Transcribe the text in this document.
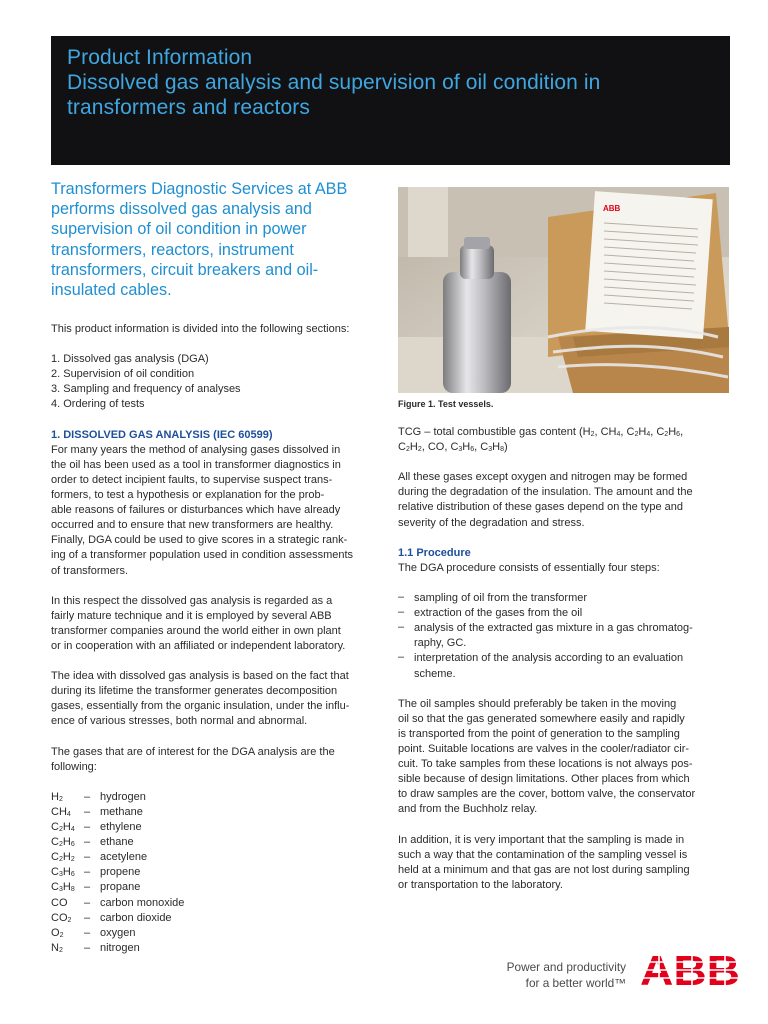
Product Information
Dissolved gas analysis and supervision of oil condition in
transformers and reactors
Transformers Diagnostic Services at ABB
performs dissolved gas analysis and
supervision of oil condition in power
transformers, reactors, instrument
transformers, circuit breakers and oil-
insulated cables.
This product information is divided into the following sections:
1. Dissolved gas analysis (DGA)
2. Supervision of oil condition
3. Sampling and frequency of analyses
4. Ordering of tests
1. DISSOLVED GAS ANALYSIS (IEC 60599)
For many years the method of analysing gases dissolved in
the oil has been used as a tool in transformer diagnostics in
order to detect incipient faults, to supervise suspect trans-
formers, to test a hypothesis or explanation for the prob-
able reasons of failures or disturbances which have already
occurred and to ensure that new transformers are healthy.
Finally, DGA could be used to give scores in a strategic rank-
ing of a transformer population used in condition assessments
of transformers.
In this respect the dissolved gas analysis is regarded as a
fairly mature technique and it is employed by several ABB
transformer companies around the world either in own plant
or in cooperation with an affiliated or independent laboratory.
The idea with dissolved gas analysis is based on the fact that
during its lifetime the transformer generates decomposition
gases, essentially from the organic insulation, under the influ-
ence of various stresses, both normal and abnormal.
The gases that are of interest for the DGA analysis are the
following:
$H_2$	– hydrogen
$CH_4$	– methane
$C_2H_4$ – ethylene
$C_2H_6$ – ethane
$C_2H_2$ – acetylene
$C_3H_6$ – propene
$C_3H_8$ – propane
CO	– carbon monoxide
$CO_2$	– carbon dioxide
$O_2$	– oxygen
$N_2$	– nitrogen
ABB
Figure 1. Test vessels.
TCG – total combustible gas content ($H_2$, $CH_4$, $C_2H_4$, $C_2H_6$,
$C_2H_2$, CO, $C_3H_6$, $C_3H_8$)
All these gases except oxygen and nitrogen may be formed
during the degradation of the insulation. The amount and the
relative distribution of these gases depend on the type and
severity of the degradation and stress.
1.1 Procedure
The DGA procedure consists of essentially four steps:
– sampling of oil from the transformer
– extraction of the gases from the oil
– analysis of the extracted gas mixture in a gas chromatog-
raphy, GC.
– interpretation of the analysis according to an evaluation
scheme.
The oil samples should preferably be taken in the moving
oil so that the gas generated somewhere easily and rapidly
is transported from the point of generation to the sampling
point. Suitable locations are valves in the cooler/radiator cir-
cuit. To take samples from these locations is not always pos-
sible because of design limitations. Other places from which
to draw samples are the cover, bottom valve, the conservator
and from the Buchholz relay.
In addition, it is very important that the sampling is made in
such a way that the contamination of the sampling vessel is
held at a minimum and that gas are not lost during sampling
or transportation to the laboratory.
Power and productivity
for a better world™ ABB
